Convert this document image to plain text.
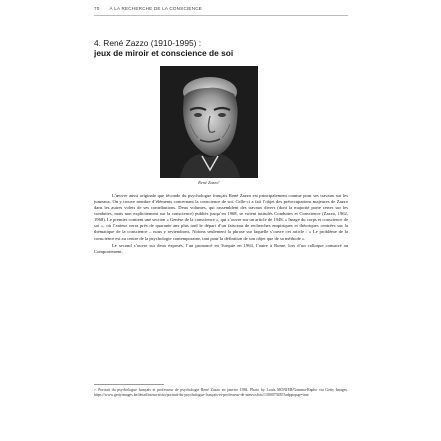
70 À LA RECHERCHE DE LA CONSCIENCE
4. René Zazzo (1910-1995) :
jeux de miroir et conscience de soi
René Zazzo⁷

L’œuvre aussi originale que féconde du psychologue français René Zazzo est principalement connue pour ses travaux sur les jumeaux. On y trouve nombre d’éléments concernant la conscience de soi. Celle-ci a fait l’objet des préoccupations majeures de Zazzo dans les autres volets de ses contributions. Deux volumes, qui rassemblent des travaux divers (dont la majorité porte certes sur les conduites, mais non explicitement sur la conscience) publiés jusqu’en 1968, se voient intitulés Conduites et Conscience (Zazzo, 1962, 1968). Le premier contient une section « Genèse de la conscience », qui s’ouvre sur un article de 1948, « Image du corps et conscience de soi », où l’auteur verra près de quarante ans plus tard le départ d’un faisceau de recherches empiriques et théoriques centrées sur la thématique de la conscience – nous y reviendrons. Notons seulement la phrase sur laquelle s’ouvre cet article : « Le problème de la conscience est au centre de la psychologie contemporaine, tant pour la définition de son objet que de sa méthode ».

Le second s’ouvre sur deux exposés, l’un prononcé en Turquie en 1963, l’autre à Rome, lors d’un colloque consacré au Comportement,

7. Portrait du psychologue français et professeur de psychologie René Zazzo en janvier 1984. Photo by Louis MONIER/Gamma-Rapho via Getty Images. https://www.gettyimages.be/detail/nieuwsfoto/portrait-du-psychologue-français-et-professeur-de-nieuwsfoto/1300079285?adppopup=true
